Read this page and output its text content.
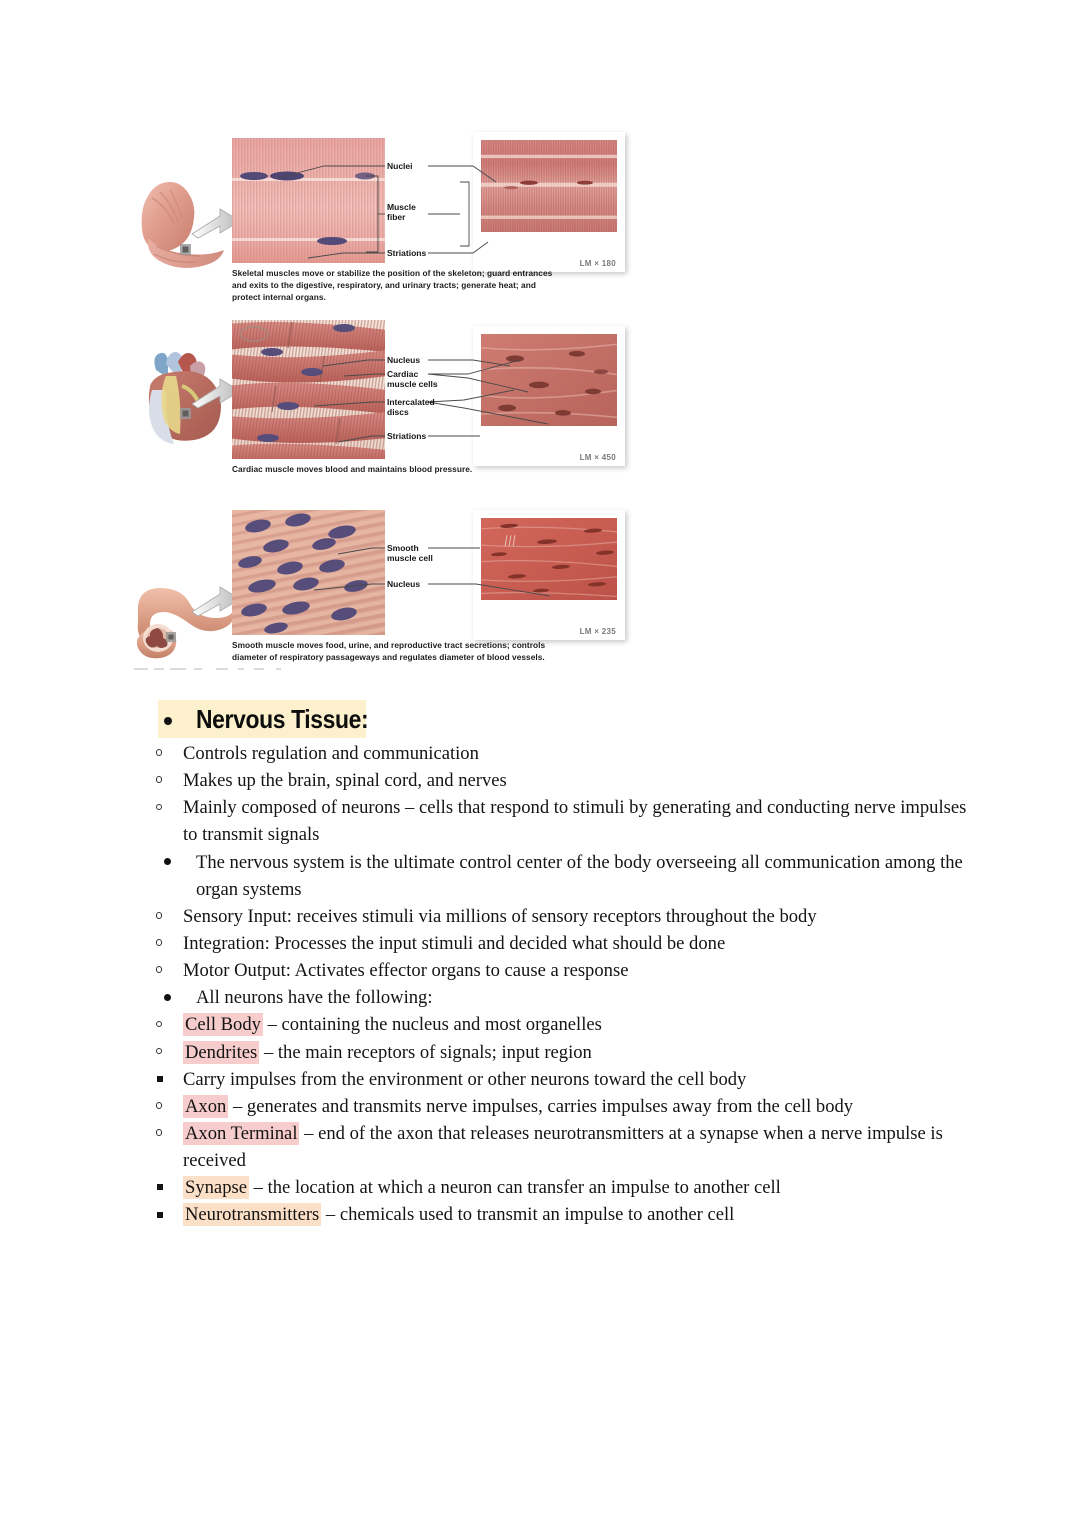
LM × 180
Nuclei
Muscle
fiber
Striations
Skeletal muscles move or stabilize the position of the skeleton; guard entrances and exits to the digestive, respiratory, and urinary tracts; generate heat; and protect internal organs.
LM × 450
Nucleus
Cardiac
muscle cells
Intercalated
discs
Striations
Cardiac muscle moves blood and maintains blood pressure.
LM × 235
Smooth
muscle cell
Nucleus
Smooth muscle moves food, urine, and reproductive tract secretions; controls diameter of respiratory passageways and regulates diameter of blood vessels.
Nervous Tissue:
Controls regulation and communication
Makes up the brain, spinal cord, and nerves
Mainly composed of neurons – cells that respond to stimuli by generating and conducting nerve impulses to transmit signals
The nervous system is the ultimate control center of the body overseeing all communication among the organ systems
Sensory Input: receives stimuli via millions of sensory receptors throughout the body
Integration: Processes the input stimuli and decided what should be done
Motor Output: Activates effector organs to cause a response
All neurons have the following:
Cell Body – containing the nucleus and most organelles
Dendrites – the main receptors of signals; input region
Carry impulses from the environment or other neurons toward the cell body
Axon – generates and transmits nerve impulses, carries impulses away from the cell body
Axon Terminal – end of the axon that releases neurotransmitters at a synapse when a nerve impulse is received
Synapse – the location at which a neuron can transfer an impulse to another cell
Neurotransmitters – chemicals used to transmit an impulse to another cell
